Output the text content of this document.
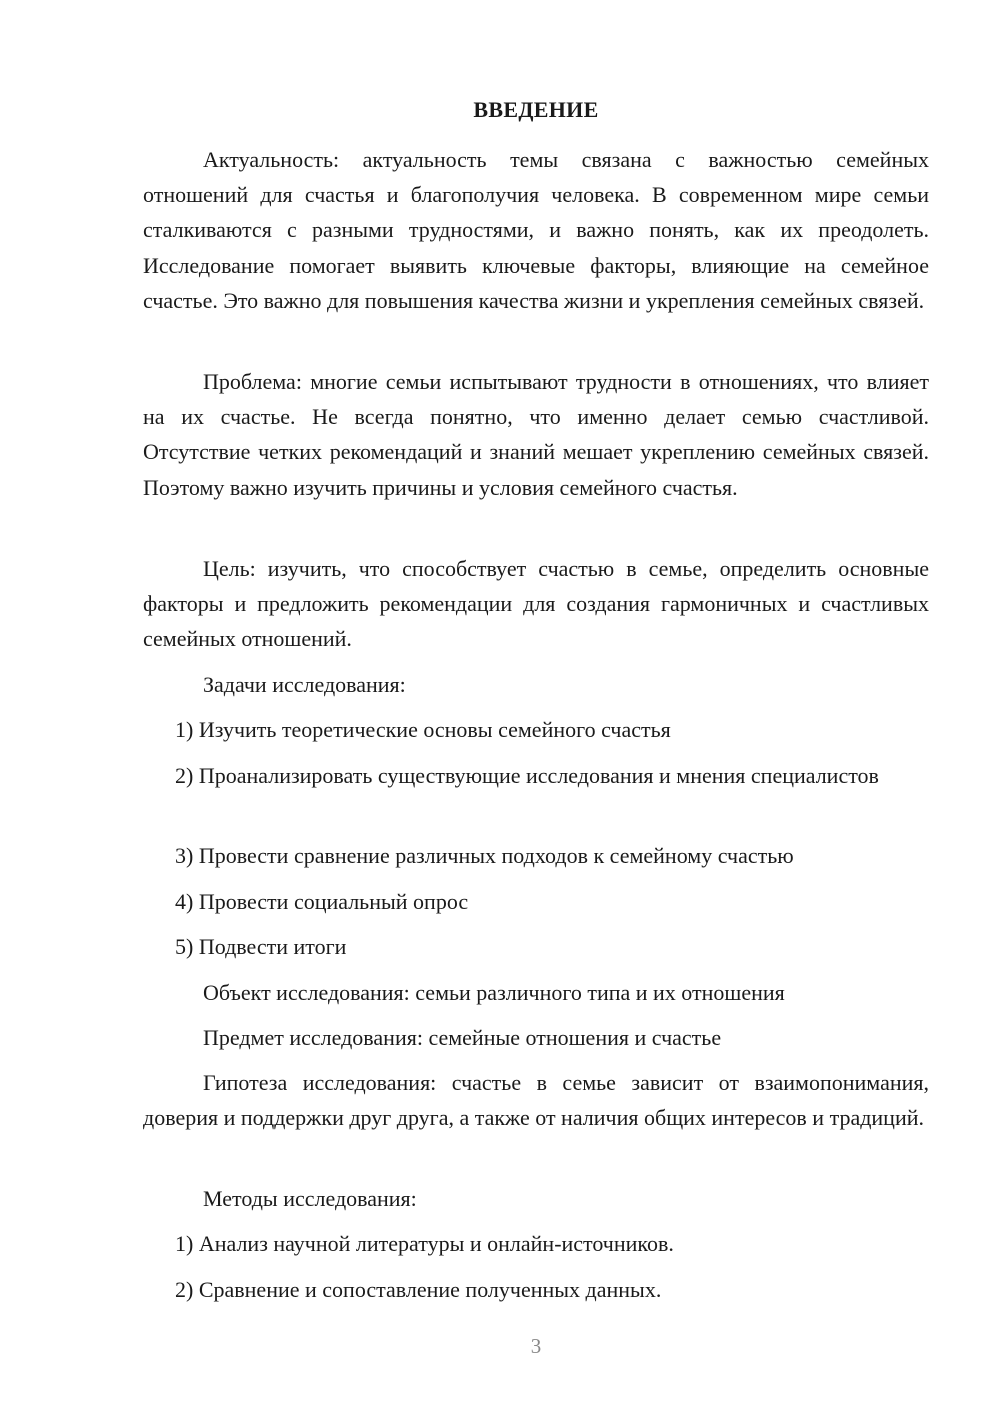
ВВЕДЕНИЕ

Актуальность: актуальность темы связана с важностью семейных отношений для счастья и благополучия человека. В современном мире семьи сталкиваются с разными трудностями, и важно понять, как их преодолеть. Исследование помогает выявить ключевые факторы, влияющие на семейное счастье. Это важно для повышения качества жизни и укрепления семейных связей.

Проблема: многие семьи испытывают трудности в отношениях, что влияет на их счастье. Не всегда понятно, что именно делает семью счастливой. Отсутствие четких рекомендаций и знаний мешает укреплению семейных связей. Поэтому важно изучить причины и условия семейного счастья.

Цель: изучить, что способствует счастью в семье, определить основные факторы и предложить рекомендации для создания гармоничных и счастливых семейных отношений.

Задачи исследования:

1) Изучить теоретические основы семейного счастья

2) Проанализировать существующие исследования и мнения специалистов

3) Провести сравнение различных подходов к семейному счастью

4) Провести социальный опрос

5) Подвести итоги

Объект исследования: семьи различного типа и их отношения

Предмет исследования: семейные отношения и счастье

Гипотеза исследования: счастье в семье зависит от взаимопонимания, доверия и поддержки друг друга, а также от наличия общих интересов и традиций.

Методы исследования:

1) Анализ научной литературы и онлайн-источников.

2) Сравнение и сопоставление полученных данных.

3
